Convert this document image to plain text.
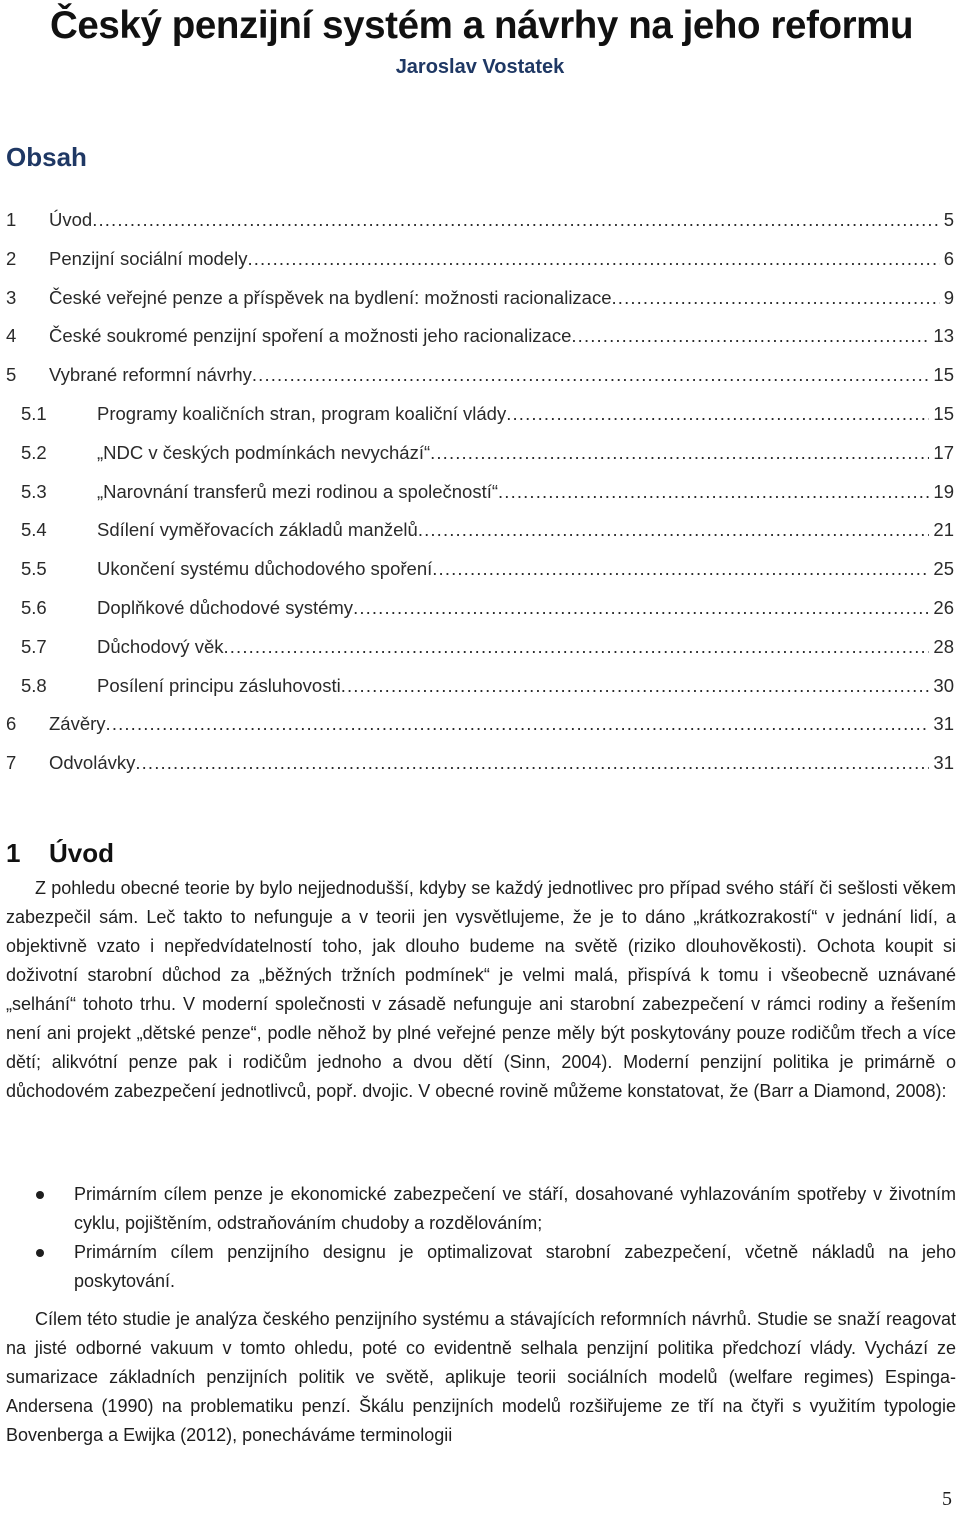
Český penzijní systém a návrhy na jeho reformu
Jaroslav Vostatek
Obsah
1 Úvod . . .	5
2 Penzijní sociální modely . . .	6
3 České veřejné penze a příspěvek na bydlení: možnosti racionalizace . . .	9
4 České soukromé penzijní spoření a možnosti jeho racionalizace . . .	13
5 Vybrané reformní návrhy . . .	15
5.1	Programy koaličních stran, program koaliční vlády . . .	15
5.2	„NDC v českých podmínkách nevychází“ . . .	17
5.3	„Narovnání transferů mezi rodinou a společností“ . . .	19
5.4	Sdílení vyměřovacích základů manželů . . .	21
5.5	Ukončení systému důchodového spoření . . .	25
5.6	Doplňkové důchodové systémy . . .	26
5.7	Důchodový věk . . .	28
5.8	Posílení principu zásluhovosti . . .	30
6 Závěry . . .	31
7 Odvolávky . . .	31
1 Úvod

Z pohledu obecné teorie by bylo nejjednodušší, kdyby se každý jednotlivec pro případ svého stáří či sešlosti věkem zabezpečil sám. Leč takto to nefunguje a v teorii jen vysvětlujeme, že je to dáno „krátkozrakostí“ v jednání lidí, a objektivně vzato i nepředvídatelností toho, jak dlouho budeme na světě (riziko dlouhověkosti). Ochota koupit si doživotní starobní důchod za „běžných tržních podmínek“ je velmi malá, přispívá k tomu i všeobecně uznávané „selhání“ tohoto trhu. V moderní společnosti v zásadě nefunguje ani starobní zabezpečení v rámci rodiny a řešením není ani projekt „dětské penze“, podle něhož by plné veřejné penze měly být poskytovány pouze rodičům třech a více dětí; alikvótní penze pak i rodičům jednoho a dvou dětí (Sinn, 2004). Moderní penzijní politika je primárně o důchodovém zabezpečení jednotlivců, popř. dvojic. V obecné rovině můžeme konstatovat, že (Barr a Diamond, 2008):

Primárním cílem penze je ekonomické zabezpečení ve stáří, dosahované vyhlazováním spotřeby v životním cyklu, pojištěním, odstraňováním chudoby a rozdělováním;
Primárním cílem penzijního designu je optimalizovat starobní zabezpečení, včetně nákladů na jeho poskytování.

Cílem této studie je analýza českého penzijního systému a stávajících reformních návrhů. Studie se snaží reagovat na jisté odborné vakuum v tomto ohledu, poté co evidentně selhala penzijní politika předchozí vlády. Vychází ze sumarizace základních penzijních politik ve světě, aplikuje teorii sociálních modelů (welfare regimes) Espinga-Andersena (1990) na problematiku penzí. Škálu penzijních modelů rozšiřujeme ze tří na čtyři s využitím typologie Bovenberga a Ewijka (2012), ponecháváme terminologii

5
